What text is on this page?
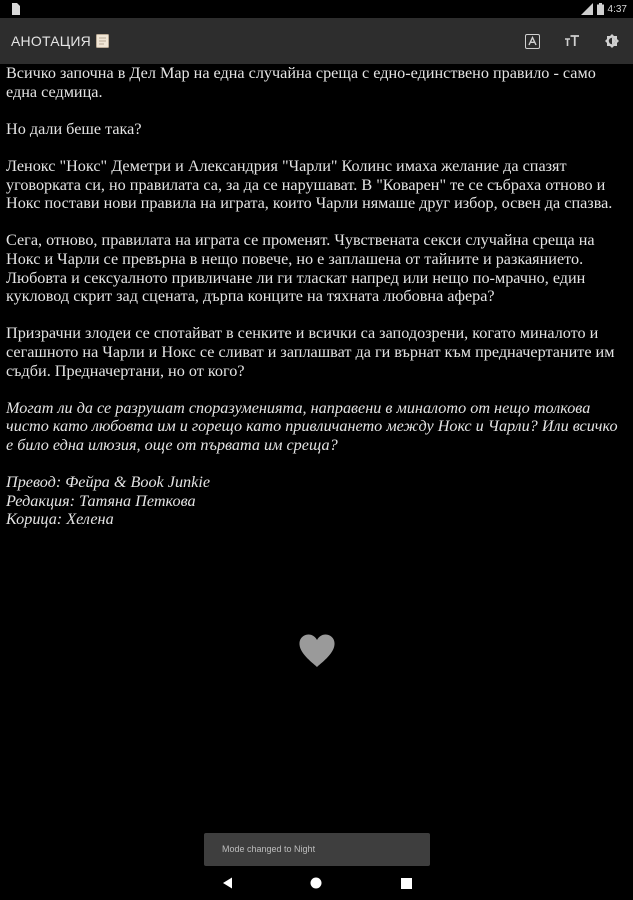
4:37
АНОТАЦИЯ

Всичко започна в Дел Мар на една случайна среща с едно-единствено правило - само една седмица.

Но дали беше така?

Ленокс "Нокс" Деметри и Александрия "Чарли" Колинс имаха желание да спазят уговорката си, но правилата са, за да се нарушават. В "Коварен" те се събраха отново и Нокс постави нови правила на играта, които Чарли нямаше друг избор, освен да спазва.

Сега, отново, правилата на играта се променят. Чувствената секси случайна среща на Нокс и Чарли се превърна в нещо повече, но е заплашена от тайните и разкаянието. Любовта и сексуалното привличане ли ги тласкат напред или нещо по-мрачно, един кукловод скрит зад сцената, дърпа конците на тяхната любовна афера?

Призрачни злодеи се спотайват в сенките и всички са заподозрени, когато миналото и сегашното на Чарли и Нокс се сливат и заплашват да ги върнат към предначертаните им съдби. Предначертани, но от кого?

Могат ли да се разрушат споразуменията, направени в миналото от нещо толкова чисто като любовта им и горещо като привличането между Нокс и Чарли? Или всичко е било една илюзия, още от първата им среща?

Превод: Фейра & Book Junkie
Редакция: Татяна Петкова
Корица: Хелена
Mode changed to Night
